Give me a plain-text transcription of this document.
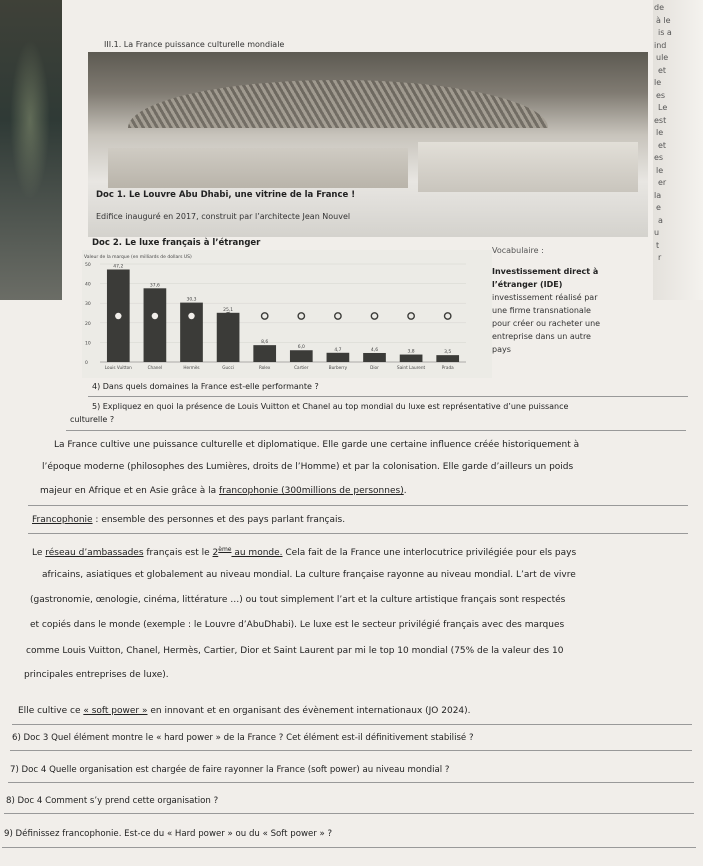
de
à le
is a
ind
ule
et
le
es
Le
est
le
et
es
le
er
la
e
a
u
t
r
III.1. La France puissance culturelle mondiale
Doc 1. Le Louvre Abu Dhabi, une vitrine de la France !
Edifice inauguré en 2017, construit par l’architecte Jean Nouvel
Doc 2. Le luxe français à l’étranger
Valeur de la marque (en milliards de dollars US)
0
10
20
30
40
50	47,2
Louis Vuitton
37,6
Chanel
30,3
Hermès
25,1
Gucci
8,6
Rolex
6,0
Cartier
4,7
Burberry
4,6
Dior
3,8
Saint Laurent
3,5
Prada
Vocabulaire :
Investissement direct à
l’étranger (IDE)
investissement réalisé par
une firme transnationale
pour créer ou racheter une
entreprise dans un autre
pays
4) Dans quels domaines la France est-elle performante ?
5) Expliquez en quoi la présence de Louis Vuitton et Chanel au top mondial du luxe est représentative d’une puissance
culturelle ?
La France cultive une puissance culturelle et diplomatique. Elle garde une certaine influence créée historiquement à
l’époque moderne (philosophes des Lumières, droits de l’Homme) et par la colonisation. Elle garde d’ailleurs un poids
majeur en Afrique et en Asie grâce à la francophonie (300millions de personnes).
Francophonie : ensemble des personnes et des pays parlant français.
Le réseau d’ambassades français est le 2ème au monde. Cela fait de la France une interlocutrice privilégiée pour els pays
africains, asiatiques et globalement au niveau mondial. La culture française rayonne au niveau mondial. L’art de vivre
(gastronomie, œnologie, cinéma, littérature …) ou tout simplement l’art et la culture artistique français sont respectés
et copiés dans le monde (exemple : le Louvre d’AbuDhabi). Le luxe est le secteur privilégié français avec des marques
comme Louis Vuitton, Chanel, Hermès, Cartier, Dior et Saint Laurent par mi le top 10 mondial (75% de la valeur des 10
principales entreprises de luxe).
Elle cultive ce « soft power » en innovant et en organisant des évènement internationaux (JO 2024).
6) Doc 3 Quel élément montre le « hard power » de la France ? Cet élément est-il définitivement stabilisé ?
7) Doc 4 Quelle organisation est chargée de faire rayonner la France (soft power) au niveau mondial ?
8) Doc 4 Comment s’y prend cette organisation ?
9) Définissez francophonie. Est-ce du « Hard power » ou du « Soft power » ?
